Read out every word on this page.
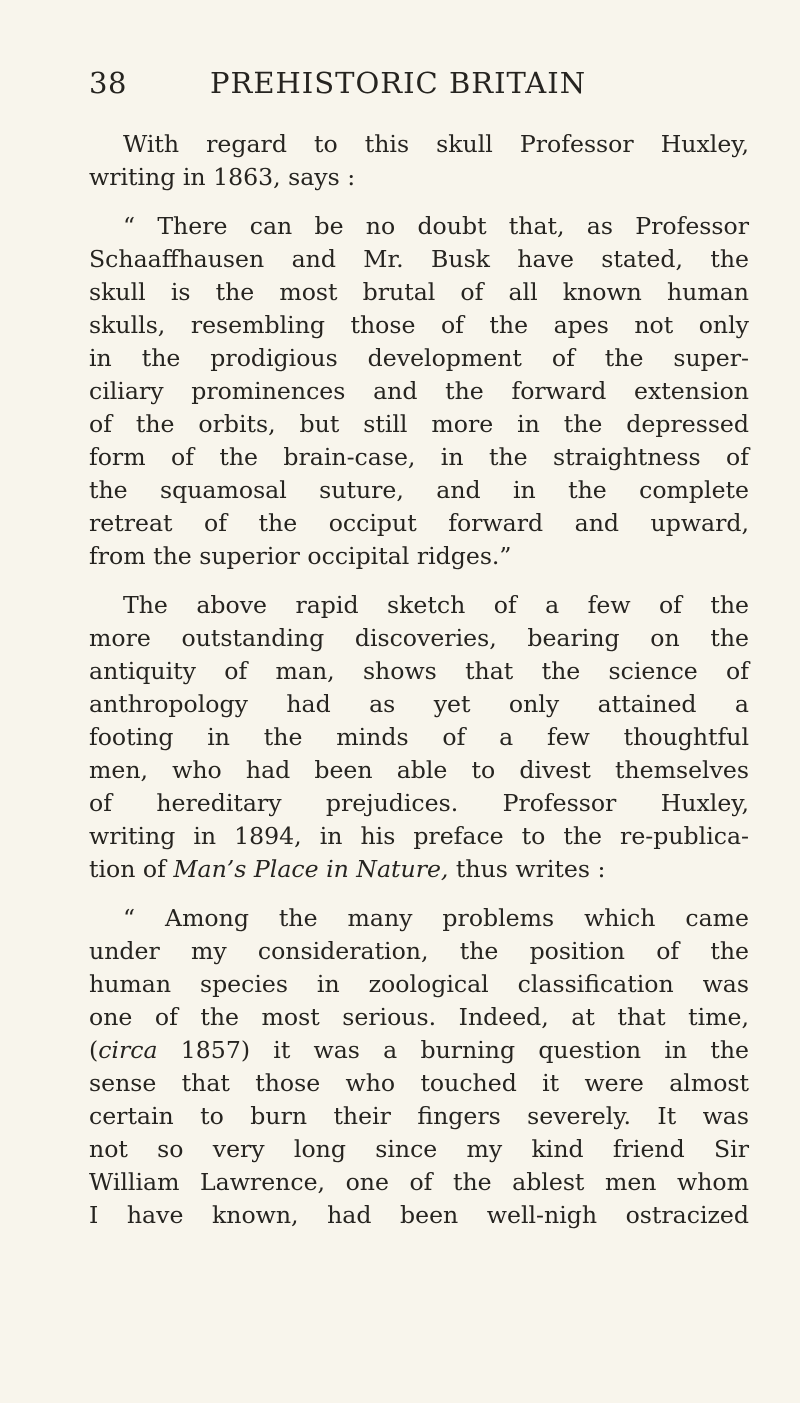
38	PREHISTORIC BRITAIN
With regard to this skull Professor Huxley,
writing in 1863, says :
“ There can be no doubt that, as Professor
Schaaffhausen and Mr. Busk have stated, the
skull is the most brutal of all known human
skulls, resembling those of the apes not only
in the prodigious development of the super-
ciliary prominences and the forward extension
of the orbits, but still more in the depressed
form of the brain-case, in the straightness of
the squamosal suture, and in the complete
retreat of the occiput forward and upward,
from the superior occipital ridges.”
The above rapid sketch of a few of the
more outstanding discoveries, bearing on the
antiquity of man, shows that the science of
anthropology had as yet only attained a
footing in the minds of a few thoughtful
men, who had been able to divest themselves
of hereditary prejudices. Professor Huxley,
writing in 1894, in his preface to the re-publica-
tion of Man’s Place in Nature, thus writes :
“ Among the many problems which came
under my consideration, the position of the
human species in zoological classification was
one of the most serious. Indeed, at that time,
(circa 1857) it was a burning question in the
sense that those who touched it were almost
certain to burn their fingers severely. It was
not so very long since my kind friend Sir
William Lawrence, one of the ablest men whom
I have known, had been well-nigh ostracized
